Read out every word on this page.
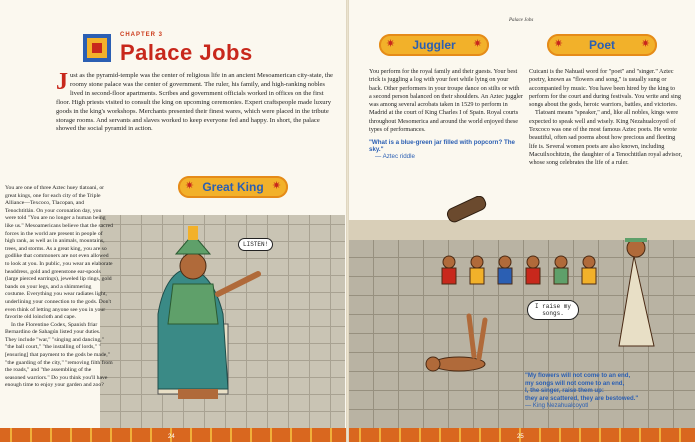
CHAPTER 3
Palace Jobs
Just as the pyramid-temple was the center of religious life in an ancient Mesoamerican city-state, the roomy stone palace was the center of government. The ruler, his family, and high-ranking nobles lived in second-floor apartments. Scribes and government officials worked in offices on the first floor. High priests visited to consult the king on upcoming ceremonies. Expert craftspeople made luxury goods in the king's workshops. Merchants presented their finest wares, which were placed in the tribute storage rooms. And servants and slaves worked to keep everyone fed and happy. In short, the palace showed the social pyramid in action.
✷ Great King ✷

You are one of three Aztec huey tlatoani, or great kings, one for each city of the Triple Alliance—Texcoco, Tlacopan, and Tenochtitlán. On your coronation day, you were told "You are no longer a human being like us." Mesoamericans believe that the sacred forces in the world are present in people of high rank, as well as in animals, mountains, trees, and storms. As a great king, you are so godlike that commoners are not even allowed to look at you. In public, you wear an elaborate headdress, gold and greenstone ear-spools (large pierced earrings), jeweled lip rings, gold bands on your legs, and a shimmering costume. Everything you wear radiates light, underlining your connection to the gods. Don't even think of letting anyone see you in your favorite old loincloth and cape.

In the Florentine Codex, Spanish friar Bernardino de Sahagún listed your duties. They include "war," "singing and dancing," "the ball court," "the installing of lords," "[ensuring] that payment to the gods be made," "the guarding of the city," "removing filth from the roads," and "the assembling of the seasoned warriors." Do you think you'll have enough time to enjoy your garden and zoo?

LISTEN!
Palace Jobs
✷ Juggler ✷	✷ Poet ✷

You perform for the royal family and their guests. Your best trick is juggling a log with your feet while lying on your back. Other performers in your troupe dance on stilts or with a second person balanced on their shoulders. An Aztec juggler was among several acrobats taken in 1529 to perform in Madrid at the court of King Charles I of Spain. Royal courts throughout Mesomerica and around the world enjoyed these types of performances.

"What is a blue-green jar filled with popcorn? The sky."

— Aztec riddle

Cuicani is the Nahuatl word for "poet" and "singer." Aztec poetry, known as "flowers and song," is usually sung or accompanied by music. You have been hired by the king to perform for the court and during festivals. You write and sing songs about the gods, heroic warriors, battles, and victories.

Tlatoani means "speaker," and, like all nobles, kings were expected to speak well and wisely. King Nezahualcoyotl of Texcoco was one of the most famous Aztec poets. He wrote beautiful, often sad poems about how precious and fleeting life is. Several women poets are also known, including Macuilxochitzin, the daughter of a Tenochtitlan royal advisor, whose song celebrates the life of a ruler.

I raise my songs.
"My flowers will not come to an end,
my songs will not come to an end,
I, the singer, raise them up:
they are scattered, they are bestowed."
— King Nezahualcoyotl
24	25
